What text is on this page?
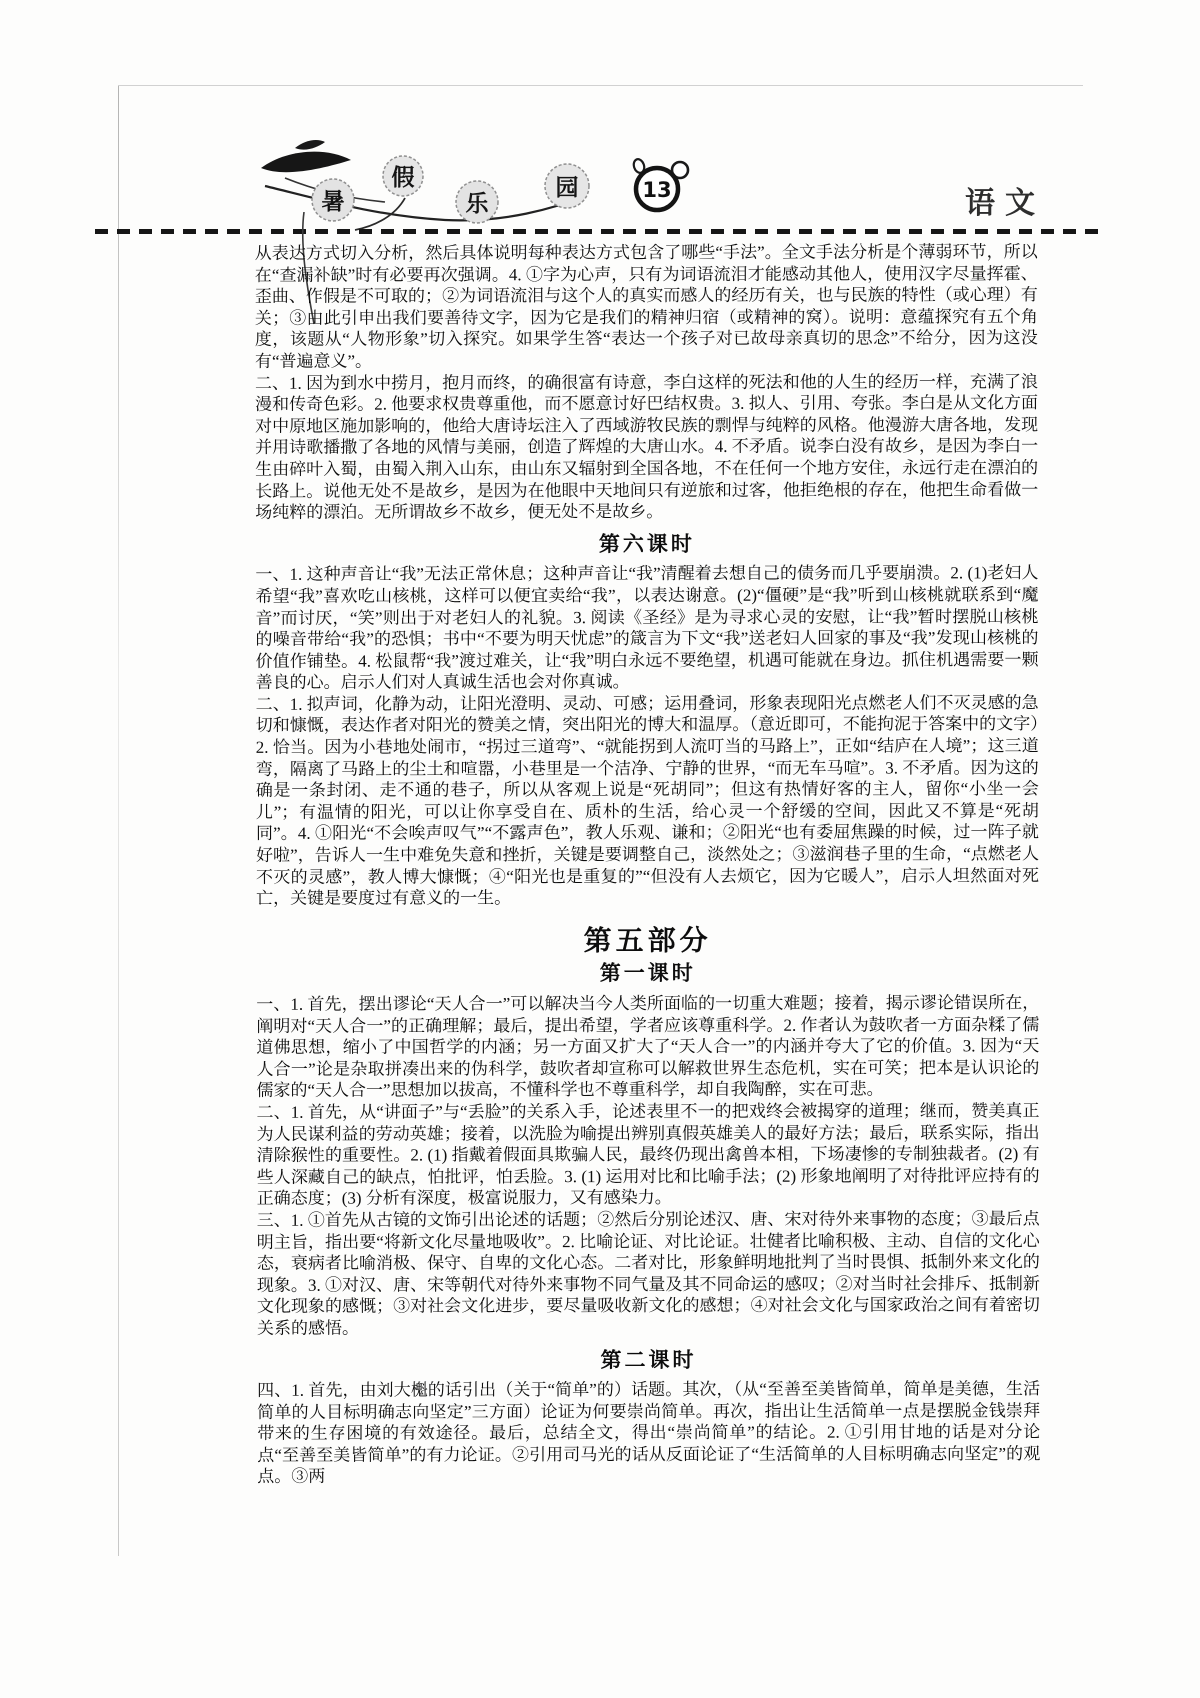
暑
假
乐
园	13	语文

从表达方式切入分析，然后具体说明每种表达方式包含了哪些“手法”。全文手法分析是个薄弱环节，所以在“查漏补缺”时有必要再次强调。4. ①字为心声，只有为词语流泪才能感动其他人，使用汉字尽量挥霍、歪曲、作假是不可取的；②为词语流泪与这个人的真实而感人的经历有关，也与民族的特性（或心理）有关；③由此引申出我们要善待文字，因为它是我们的精神归宿（或精神的窝）。说明：意蕴探究有五个角度，该题从“人物形象”切入探究。如果学生答“表达一个孩子对已故母亲真切的思念”不给分，因为这没有“普遍意义”。

二、1. 因为到水中捞月，抱月而终，的确很富有诗意，李白这样的死法和他的人生的经历一样，充满了浪漫和传奇色彩。2. 他要求权贵尊重他，而不愿意讨好巴结权贵。3. 拟人、引用、夸张。李白是从文化方面对中原地区施加影响的，他给大唐诗坛注入了西域游牧民族的剽悍与纯粹的风格。他漫游大唐各地，发现并用诗歌播撒了各地的风情与美丽，创造了辉煌的大唐山水。4. 不矛盾。说李白没有故乡，是因为李白一生由碎叶入蜀，由蜀入荆入山东，由山东又辐射到全国各地，不在任何一个地方安住，永远行走在漂泊的长路上。说他无处不是故乡，是因为在他眼中天地间只有逆旅和过客，他拒绝根的存在，他把生命看做一场纯粹的漂泊。无所谓故乡不故乡，便无处不是故乡。

第六课时

一、1. 这种声音让“我”无法正常休息；这种声音让“我”清醒着去想自己的债务而几乎要崩溃。2. (1)老妇人希望“我”喜欢吃山核桃，这样可以便宜卖给“我”，以表达谢意。(2)“僵硬”是“我”听到山核桃就联系到“魔音”而讨厌，“笑”则出于对老妇人的礼貌。3. 阅读《圣经》是为寻求心灵的安慰，让“我”暂时摆脱山核桃的噪音带给“我”的恐惧；书中“不要为明天忧虑”的箴言为下文“我”送老妇人回家的事及“我”发现山核桃的价值作铺垫。4. 松鼠帮“我”渡过难关，让“我”明白永远不要绝望，机遇可能就在身边。抓住机遇需要一颗善良的心。启示人们对人真诚生活也会对你真诚。

二、1. 拟声词，化静为动，让阳光澄明、灵动、可感；运用叠词，形象表现阳光点燃老人们不灭灵感的急切和慷慨，表达作者对阳光的赞美之情，突出阳光的博大和温厚。（意近即可，不能拘泥于答案中的文字）2. 恰当。因为小巷地处闹市，“拐过三道弯”、“就能拐到人流叮当的马路上”，正如“结庐在人境”；这三道弯，隔离了马路上的尘土和喧嚣，小巷里是一个洁净、宁静的世界，“而无车马喧”。3. 不矛盾。因为这的确是一条封闭、走不通的巷子，所以从客观上说是“死胡同”；但这有热情好客的主人，留你“小坐一会儿”；有温情的阳光，可以让你享受自在、质朴的生活，给心灵一个舒缓的空间，因此又不算是“死胡同”。4. ①阳光“不会唉声叹气”“不露声色”，教人乐观、谦和；②阳光“也有委屈焦躁的时候，过一阵子就好啦”，告诉人一生中难免失意和挫折，关键是要调整自己，淡然处之；③滋润巷子里的生命，“点燃老人不灭的灵感”，教人博大慷慨；④“阳光也是重复的”“但没有人去烦它，因为它暖人”，启示人坦然面对死亡，关键是要度过有意义的一生。

第五部分
第一课时

一、1. 首先，摆出谬论“天人合一”可以解决当今人类所面临的一切重大难题；接着，揭示谬论错误所在，阐明对“天人合一”的正确理解；最后，提出希望，学者应该尊重科学。2. 作者认为鼓吹者一方面杂糅了儒道佛思想，缩小了中国哲学的内涵；另一方面又扩大了“天人合一”的内涵并夸大了它的价值。3. 因为“天人合一”论是杂取拼凑出来的伪科学，鼓吹者却宣称可以解救世界生态危机，实在可笑；把本是认识论的儒家的“天人合一”思想加以拔高，不懂科学也不尊重科学，却自我陶醉，实在可悲。

二、1. 首先，从“讲面子”与“丢脸”的关系入手，论述表里不一的把戏终会被揭穿的道理；继而，赞美真正为人民谋利益的劳动英雄；接着，以洗脸为喻提出辨别真假英雄美人的最好方法；最后，联系实际，指出清除猴性的重要性。2. (1) 指戴着假面具欺骗人民，最终仍现出禽兽本相，下场凄惨的专制独裁者。(2) 有些人深藏自己的缺点，怕批评，怕丢脸。3. (1) 运用对比和比喻手法；(2) 形象地阐明了对待批评应持有的正确态度；(3) 分析有深度，极富说服力，又有感染力。

三、1. ①首先从古镜的文饰引出论述的话题；②然后分别论述汉、唐、宋对待外来事物的态度；③最后点明主旨，指出要“将新文化尽量地吸收”。2. 比喻论证、对比论证。壮健者比喻积极、主动、自信的文化心态，衰病者比喻消极、保守、自卑的文化心态。二者对比，形象鲜明地批判了当时畏惧、抵制外来文化的现象。3. ①对汉、唐、宋等朝代对待外来事物不同气量及其不同命运的感叹；②对当时社会排斥、抵制新文化现象的感慨；③对社会文化进步，要尽量吸收新文化的感想；④对社会文化与国家政治之间有着密切关系的感悟。

第二课时

四、1. 首先，由刘大櫆的话引出（关于“简单”的）话题。其次，（从“至善至美皆简单，简单是美德，生活简单的人目标明确志向坚定”三方面）论证为何要崇尚简单。再次，指出让生活简单一点是摆脱金钱崇拜带来的生存困境的有效途径。最后，总结全文，得出“崇尚简单”的结论。2. ①引用甘地的话是对分论点“至善至美皆简单”的有力论证。②引用司马光的话从反面论证了“生活简单的人目标明确志向坚定”的观点。③两
